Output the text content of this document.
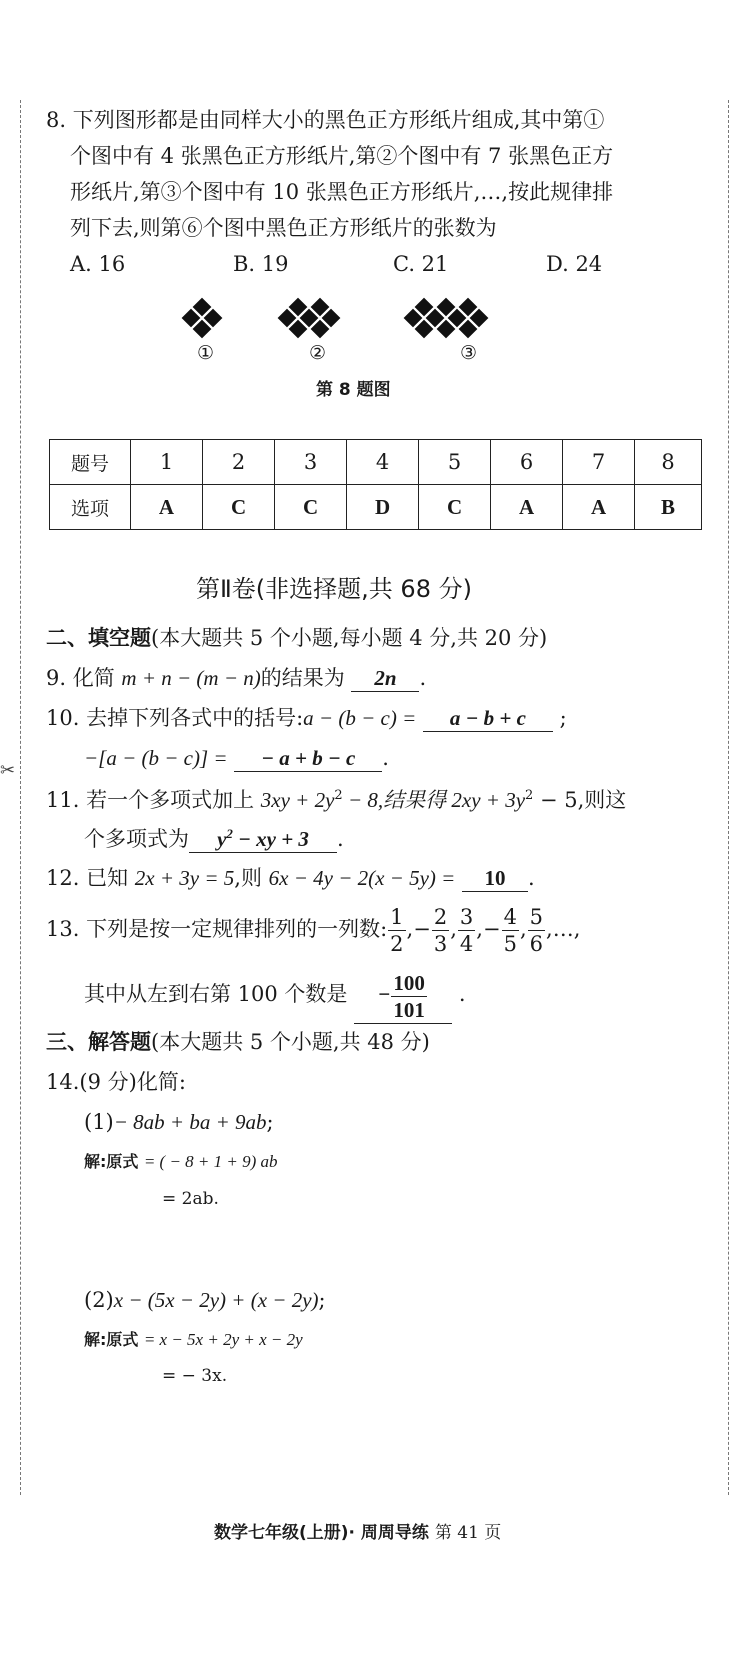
✂
8. 下列图形都是由同样大小的黑色正方形纸片组成,其中第①
个图中有 4 张黑色正方形纸片,第②个图中有 7 张黑色正方
形纸片,第③个图中有 10 张黑色正方形纸片,…,按此规律排
列下去,则第⑥个图中黑色正方形纸片的张数为
A. 16	B. 19	C. 21	D. 24
①	②	③
第 8 题图
题号	1	2	3	4	5	6	7	8
选项	A	C	C	D	C	A	A	B
第Ⅱ卷(非选择题,共 68 分)
二、填空题(本大题共 5 个小题,每小题 4 分,共 20 分)
9. 化简 m + n − (m − n)的结果为 2n .
10. 去掉下列各式中的括号:a − (b − c) = a − b + c ;
−[a − (b − c)] = − a + b − c .
11. 若一个多项式加上 $3xy + 2y^2 - 8$,结果得 $2xy + 3y^2 - 5$,则这
个多项式为 $y^2$ − xy + 3 .
12. 已知 2x + 3y = 5,则 6x − 4y − 2(x − 5y) = 10 .
13. 下列是按一定规律排列的一列数: $\frac{1}{2}$ ,− $\frac{2}{3}$ , $\frac{3}{4}$ ,− $\frac{4}{5}$ , $\frac{5}{6}$ ,…,
其中从左到右第 100 个数是 − $\frac{100}{101}$ .
三、解答题(本大题共 5 个小题,共 48 分)
14.(9 分)化简:
(1)− 8ab + ba + 9ab;
解:原式 = ( − 8 + 1 + 9) ab
= 2ab.
(2)x − (5x − 2y) + (x − 2y);
解:原式 = x − 5x + 2y + x − 2y
= − 3x.
数学七年级(上册)· 周周导练 第 41 页
